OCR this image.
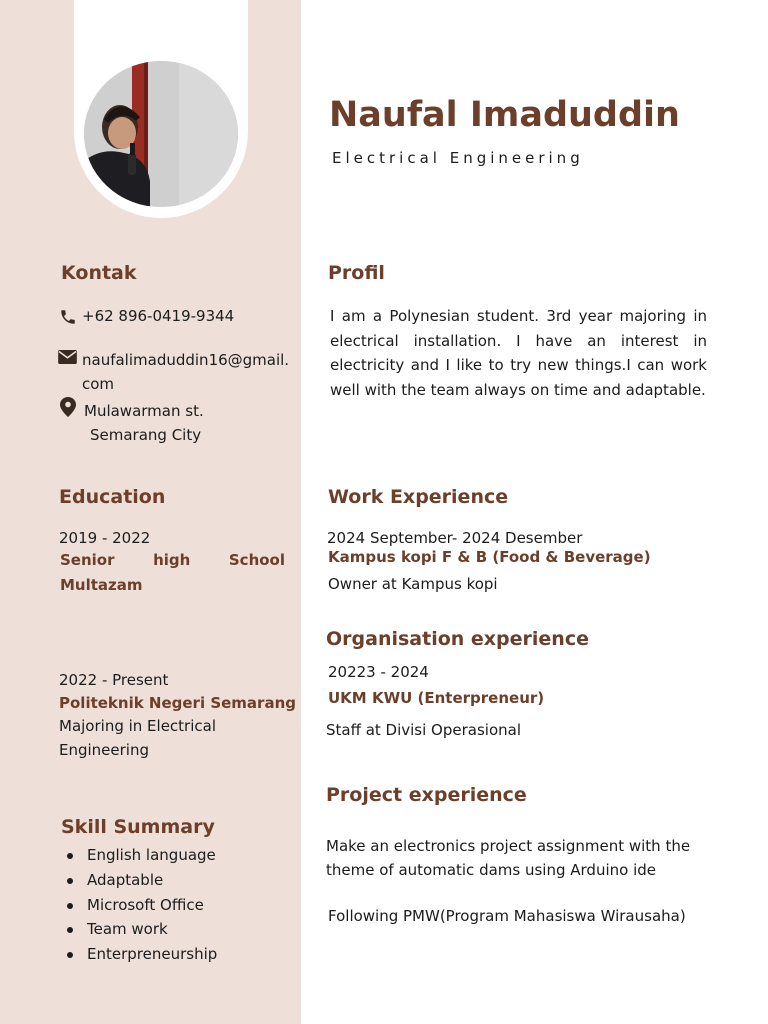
Naufal Imaduddin
Electrical Engineering
Kontak
+62 896-0419-9344
naufalimaduddin16@gmail.
com
Mulawarman st.
Semarang City
Education
2019 - 2022
Senior high School Multazam
2022 - Present
Politeknik Negeri Semarang
Majoring in Electrical Engineering
Skill Summary
English language
Adaptable
Microsoft Office
Team work
Enterpreneurship
Profil
I am a Polynesian student. 3rd year majoring in electrical installation. I have an interest in electricity and I like to try new things.I can work well with the team always on time and adaptable.
Work Experience
2024 September- 2024 Desember
Kampus kopi F & B (Food & Beverage)
Owner at Kampus kopi
Organisation experience
20223 - 2024
UKM KWU (Enterpreneur)
Staff at Divisi Operasional
Project experience
Make an electronics project assignment with the theme of automatic dams using Arduino ide
Following PMW(Program Mahasiswa Wirausaha)
